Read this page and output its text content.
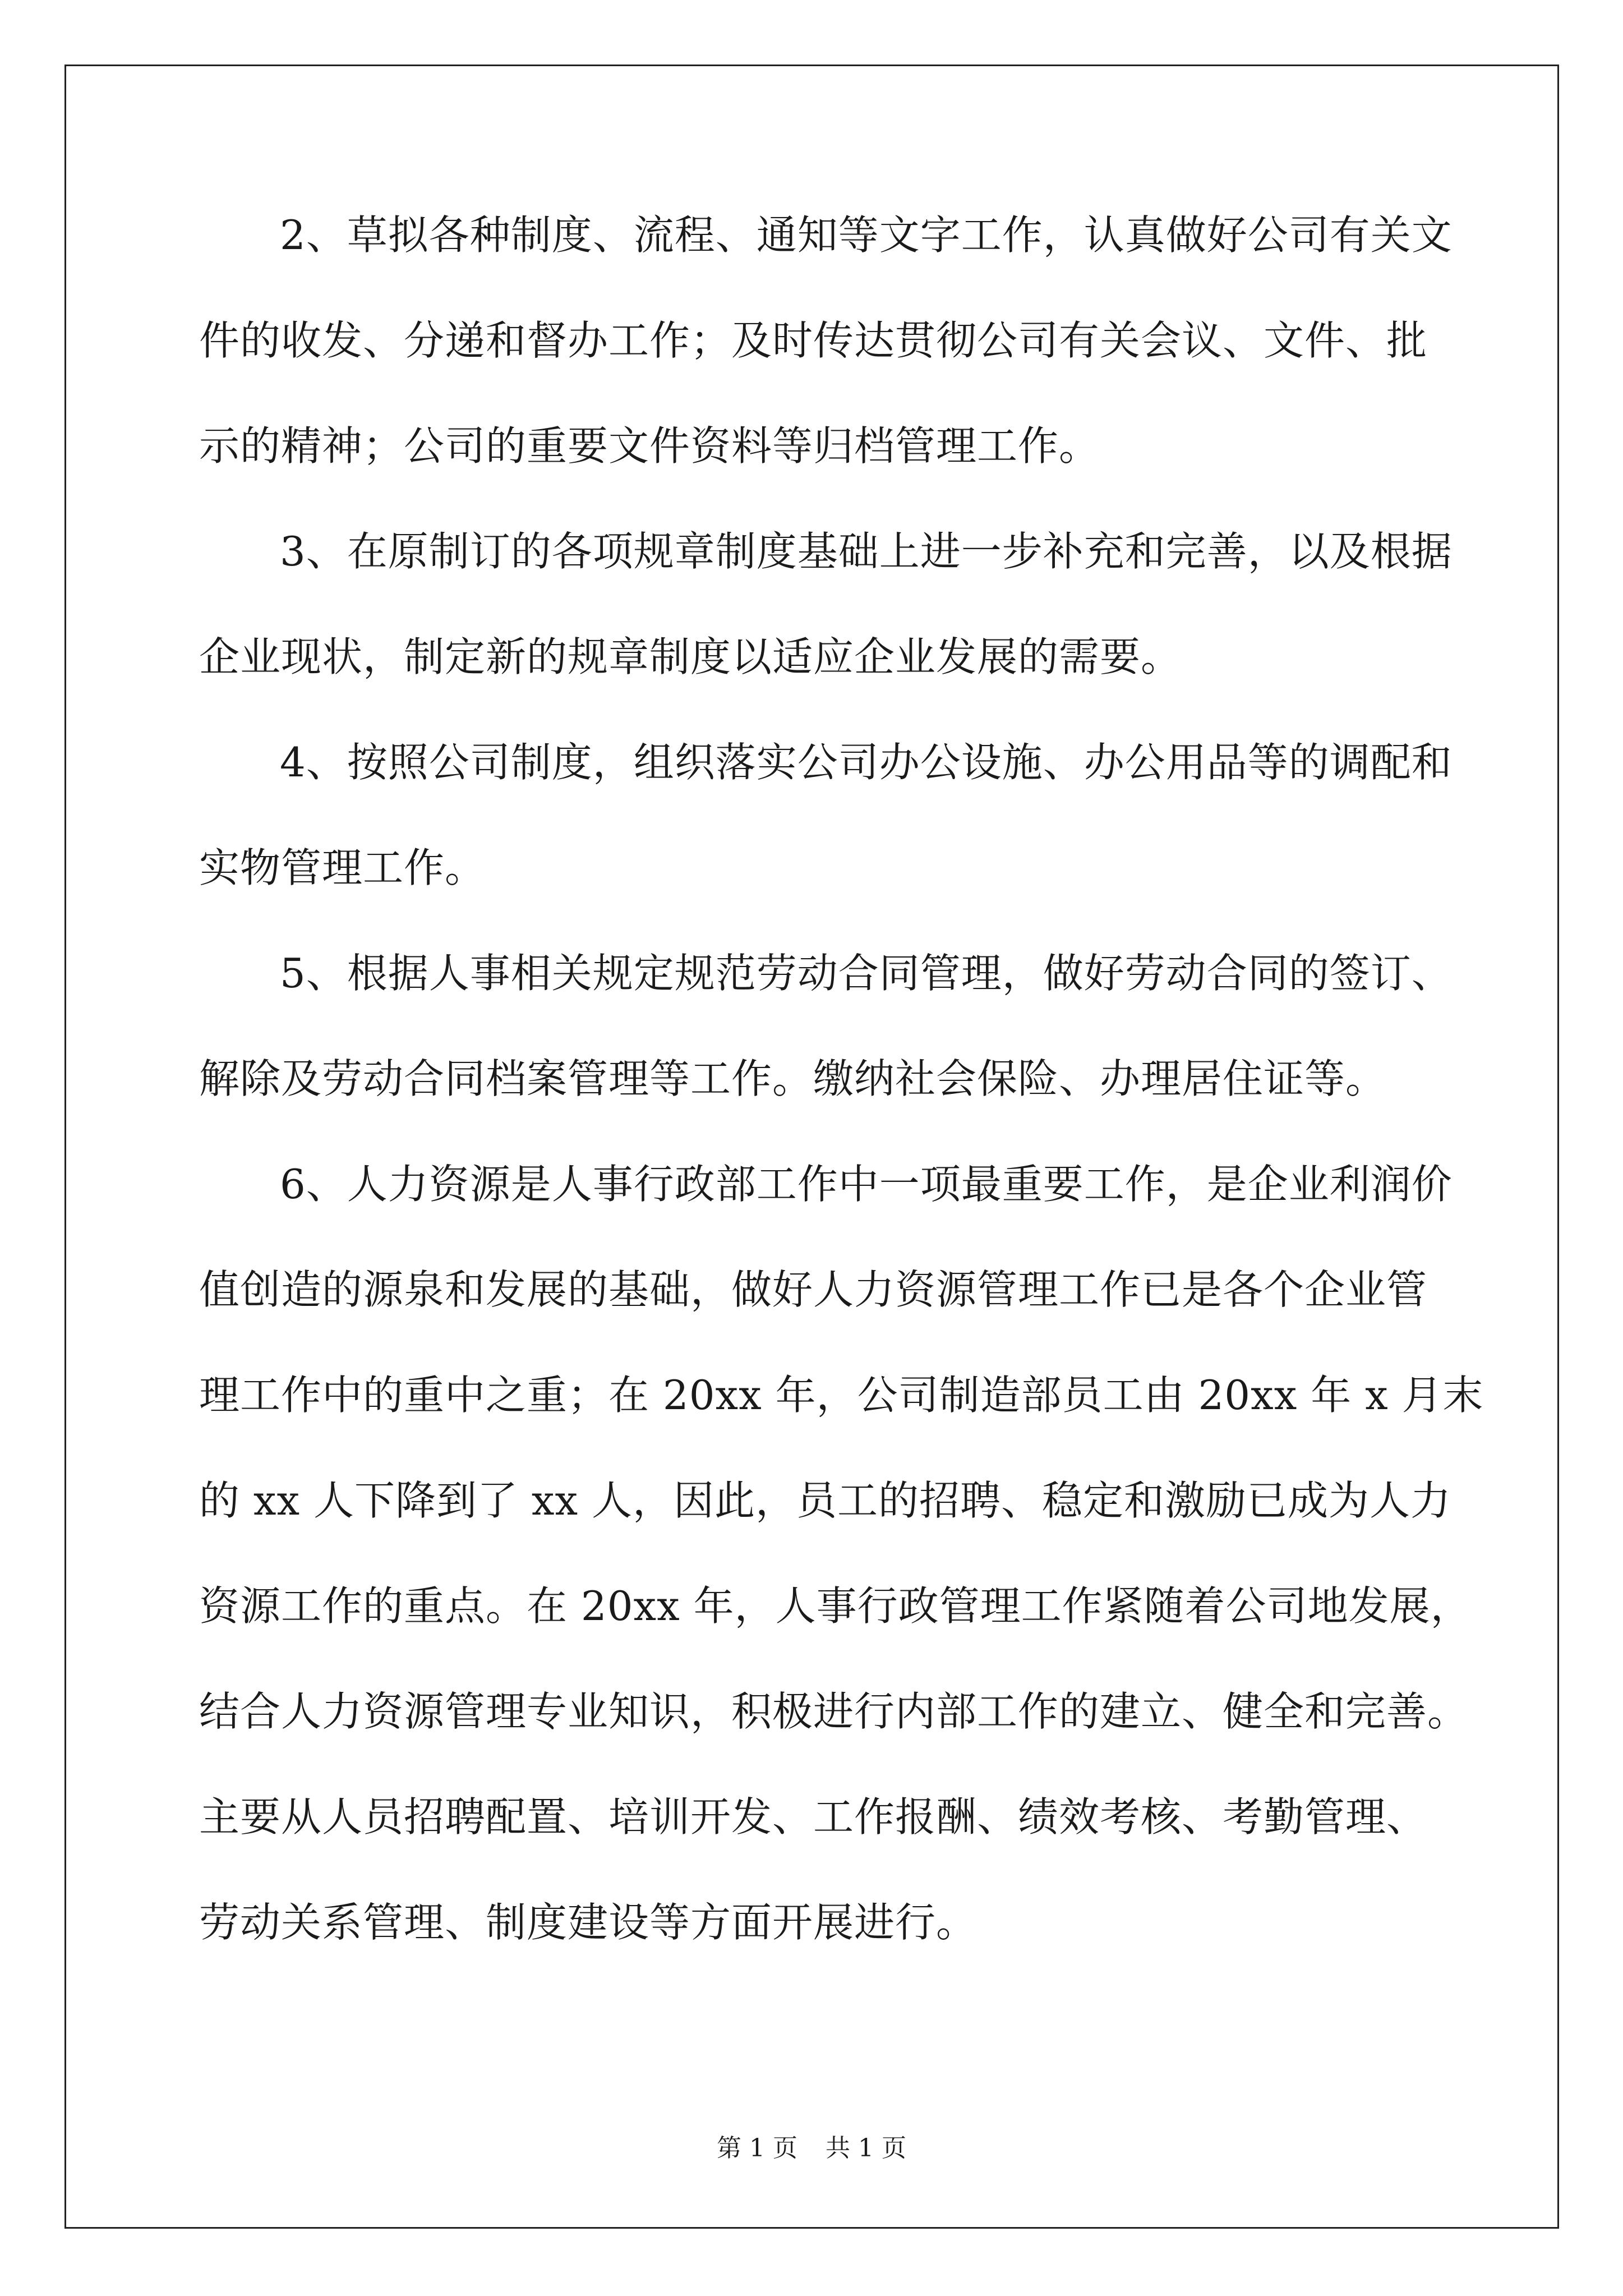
2、草拟各种制度、流程、通知等文字工作，认真做好公司有关文
件的收发、分递和督办工作；及时传达贯彻公司有关会议、文件、批
示的精神；公司的重要文件资料等归档管理工作。
3、在原制订的各项规章制度基础上进一步补充和完善，以及根据
企业现状，制定新的规章制度以适应企业发展的需要。
4、按照公司制度，组织落实公司办公设施、办公用品等的调配和
实物管理工作。
5、根据人事相关规定规范劳动合同管理，做好劳动合同的签订、
解除及劳动合同档案管理等工作。缴纳社会保险、办理居住证等。
6、人力资源是人事行政部工作中一项最重要工作，是企业利润价
值创造的源泉和发展的基础，做好人力资源管理工作已是各个企业管
理工作中的重中之重；在 20xx 年，公司制造部员工由 20xx 年 x 月末
的 xx 人下降到了 xx 人，因此，员工的招聘、稳定和激励已成为人力
资源工作的重点。在 20xx 年，人事行政管理工作紧随着公司地发展，
结合人力资源管理专业知识，积极进行内部工作的建立、健全和完善。
主要从人员招聘配置、培训开发、工作报酬、绩效考核、考勤管理、
劳动关系管理、制度建设等方面开展进行。
第 1 页 共 1 页
